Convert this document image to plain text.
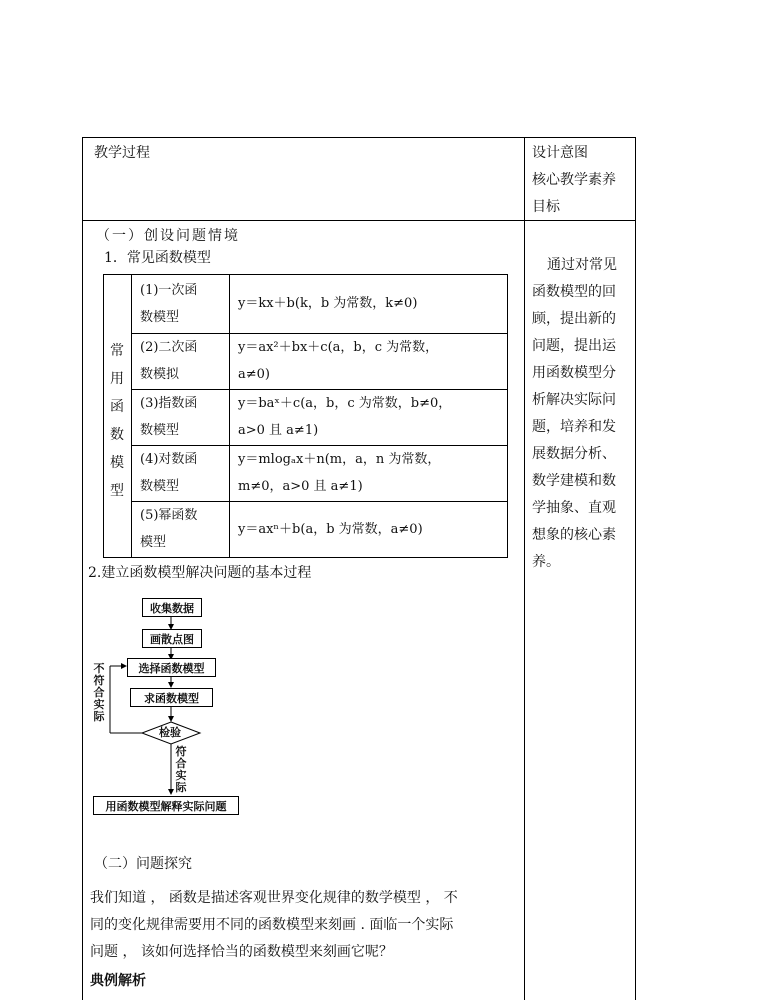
教学过程	设计意图
核心教学素养
目标
（一）创设问题情境
1．常见函数模型
常
用
函
数
模
型
(1)一次函
数模型
y＝kx＋b(k，b 为常数，k≠0)
(2)二次函
数模拟
y＝ax²＋bx＋c(a，b，c 为常数，
a≠0)
(3)指数函
数模型
y＝baˣ＋c(a，b，c 为常数，b≠0，
a>0 且 a≠1)
(4)对数函
数模型
y＝mlogₐx＋n(m，a，n 为常数，
m≠0，a>0 且 a≠1)
(5)幂函数
模型
y＝axⁿ＋b(a，b 为常数，a≠0)
2.建立函数模型解决问题的基本过程
收集数据
画散点图
选择函数模型
求函数模型
检验
用函数模型解释实际问题
不
符
合
实
际
符
合
实
际
（二）问题探究
我们知道 ， 函数是描述客观世界变化规律的数学模型 ， 不
同的变化规律需要用不同的函数模型来刻画 . 面临一个实际
问题 ， 该如何选择恰当的函数模型来刻画它呢？
典例解析
通过对常见
函数模型的回
顾，提出新的
问题，提出运
用函数模型分
析解决实际问
题，培养和发
展数据分析、
数学建模和数
学抽象、直观
想象的核心素
养。
